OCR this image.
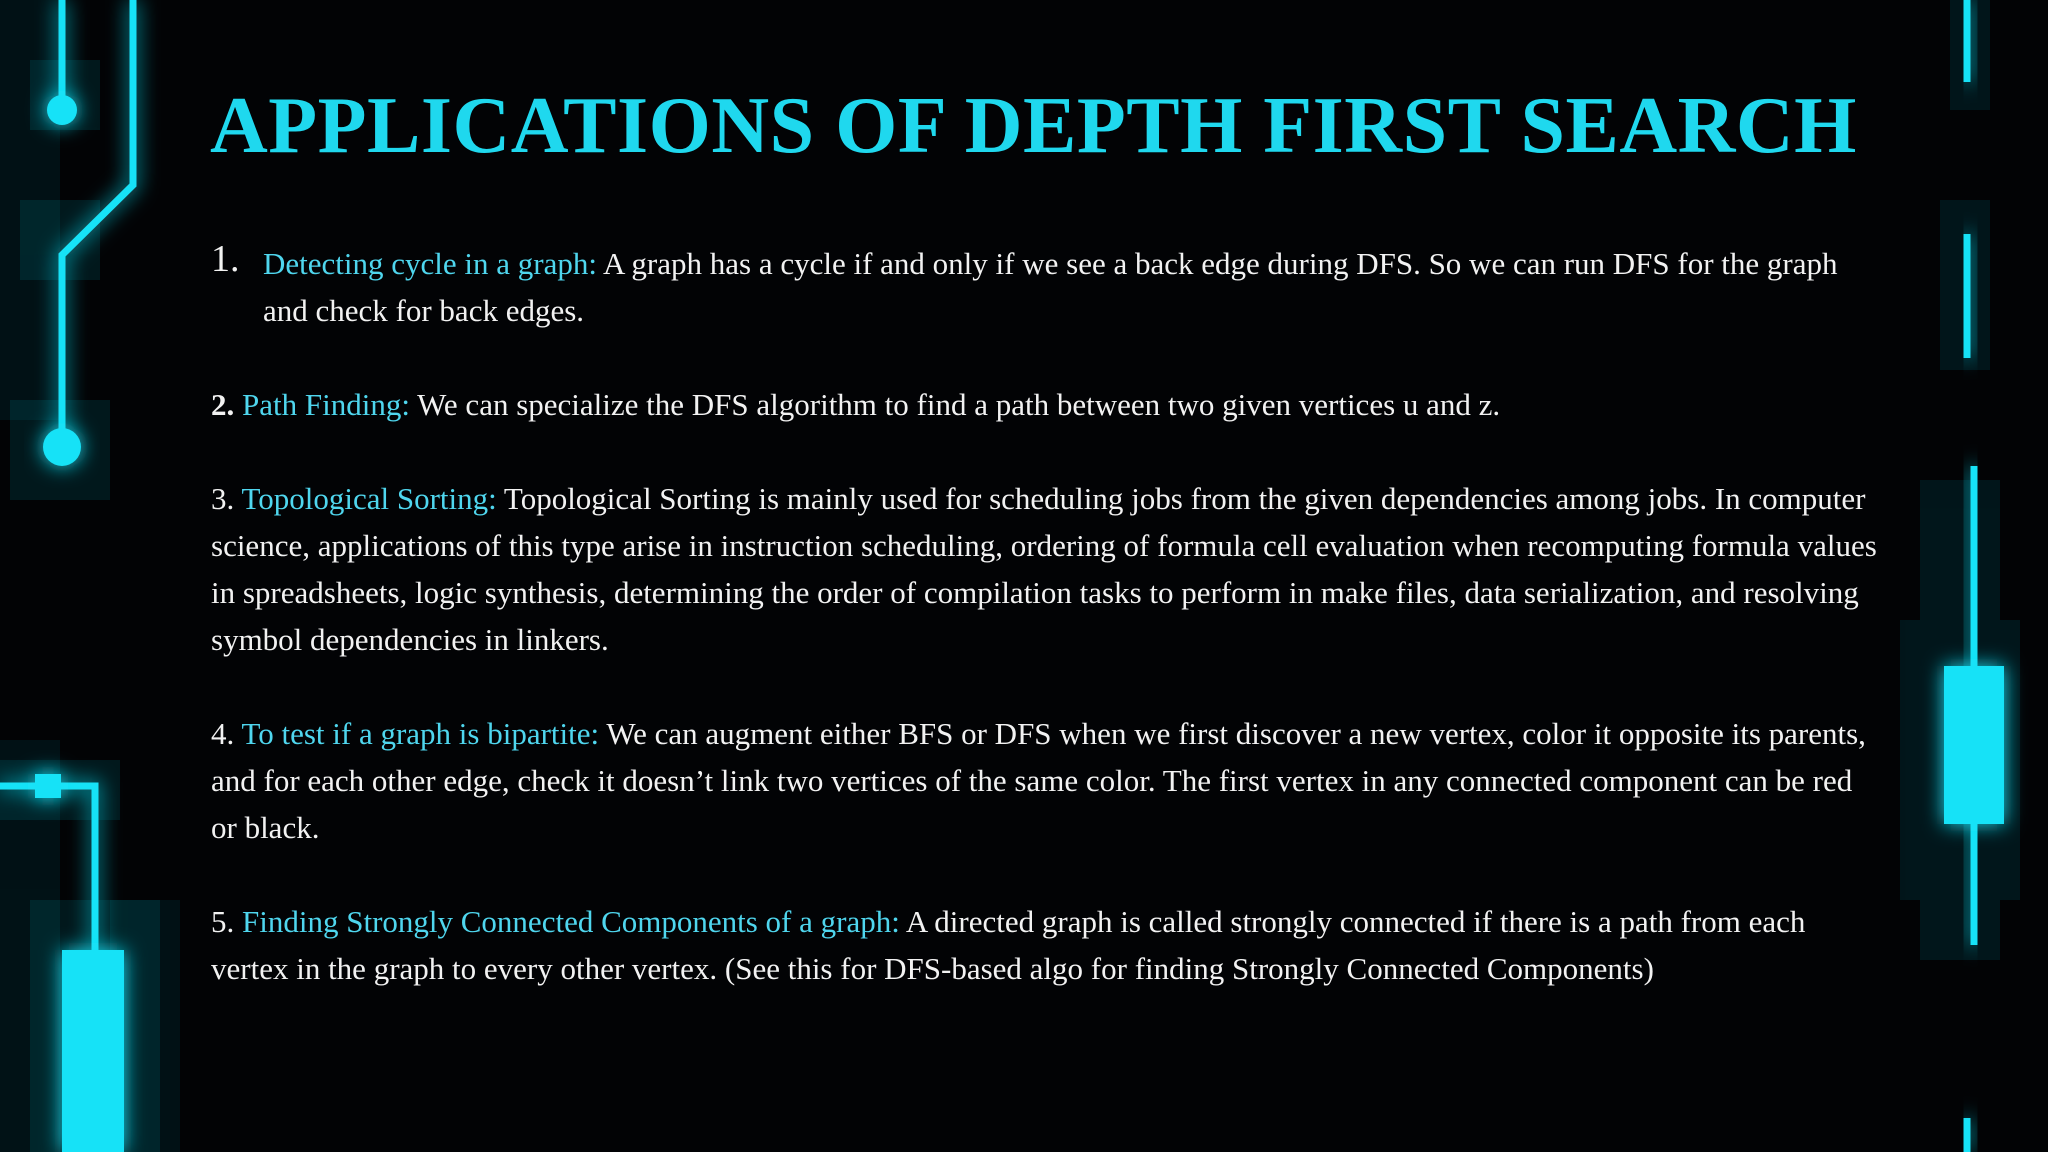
APPLICATIONS OF DEPTH FIRST SEARCH

1. Detecting cycle in a graph: A graph has a cycle if and only if we see a back edge during DFS. So we can run DFS for the graph and check for back edges.

2. Path Finding: We can specialize the DFS algorithm to find a path between two given vertices u and z.

3. Topological Sorting: Topological Sorting is mainly used for scheduling jobs from the given dependencies among jobs. In computer science, applications of this type arise in instruction scheduling, ordering of formula cell evaluation when recomputing formula values in spreadsheets, logic synthesis, determining the order of compilation tasks to perform in make files, data serialization, and resolving symbol dependencies in linkers.

4. To test if a graph is bipartite: We can augment either BFS or DFS when we first discover a new vertex, color it opposite its parents, and for each other edge, check it doesn’t link two vertices of the same color. The first vertex in any connected component can be red or black.

5. Finding Strongly Connected Components of a graph: A directed graph is called strongly connected if there is a path from each vertex in the graph to every other vertex. (See this for DFS-based algo for finding Strongly Connected Components)
